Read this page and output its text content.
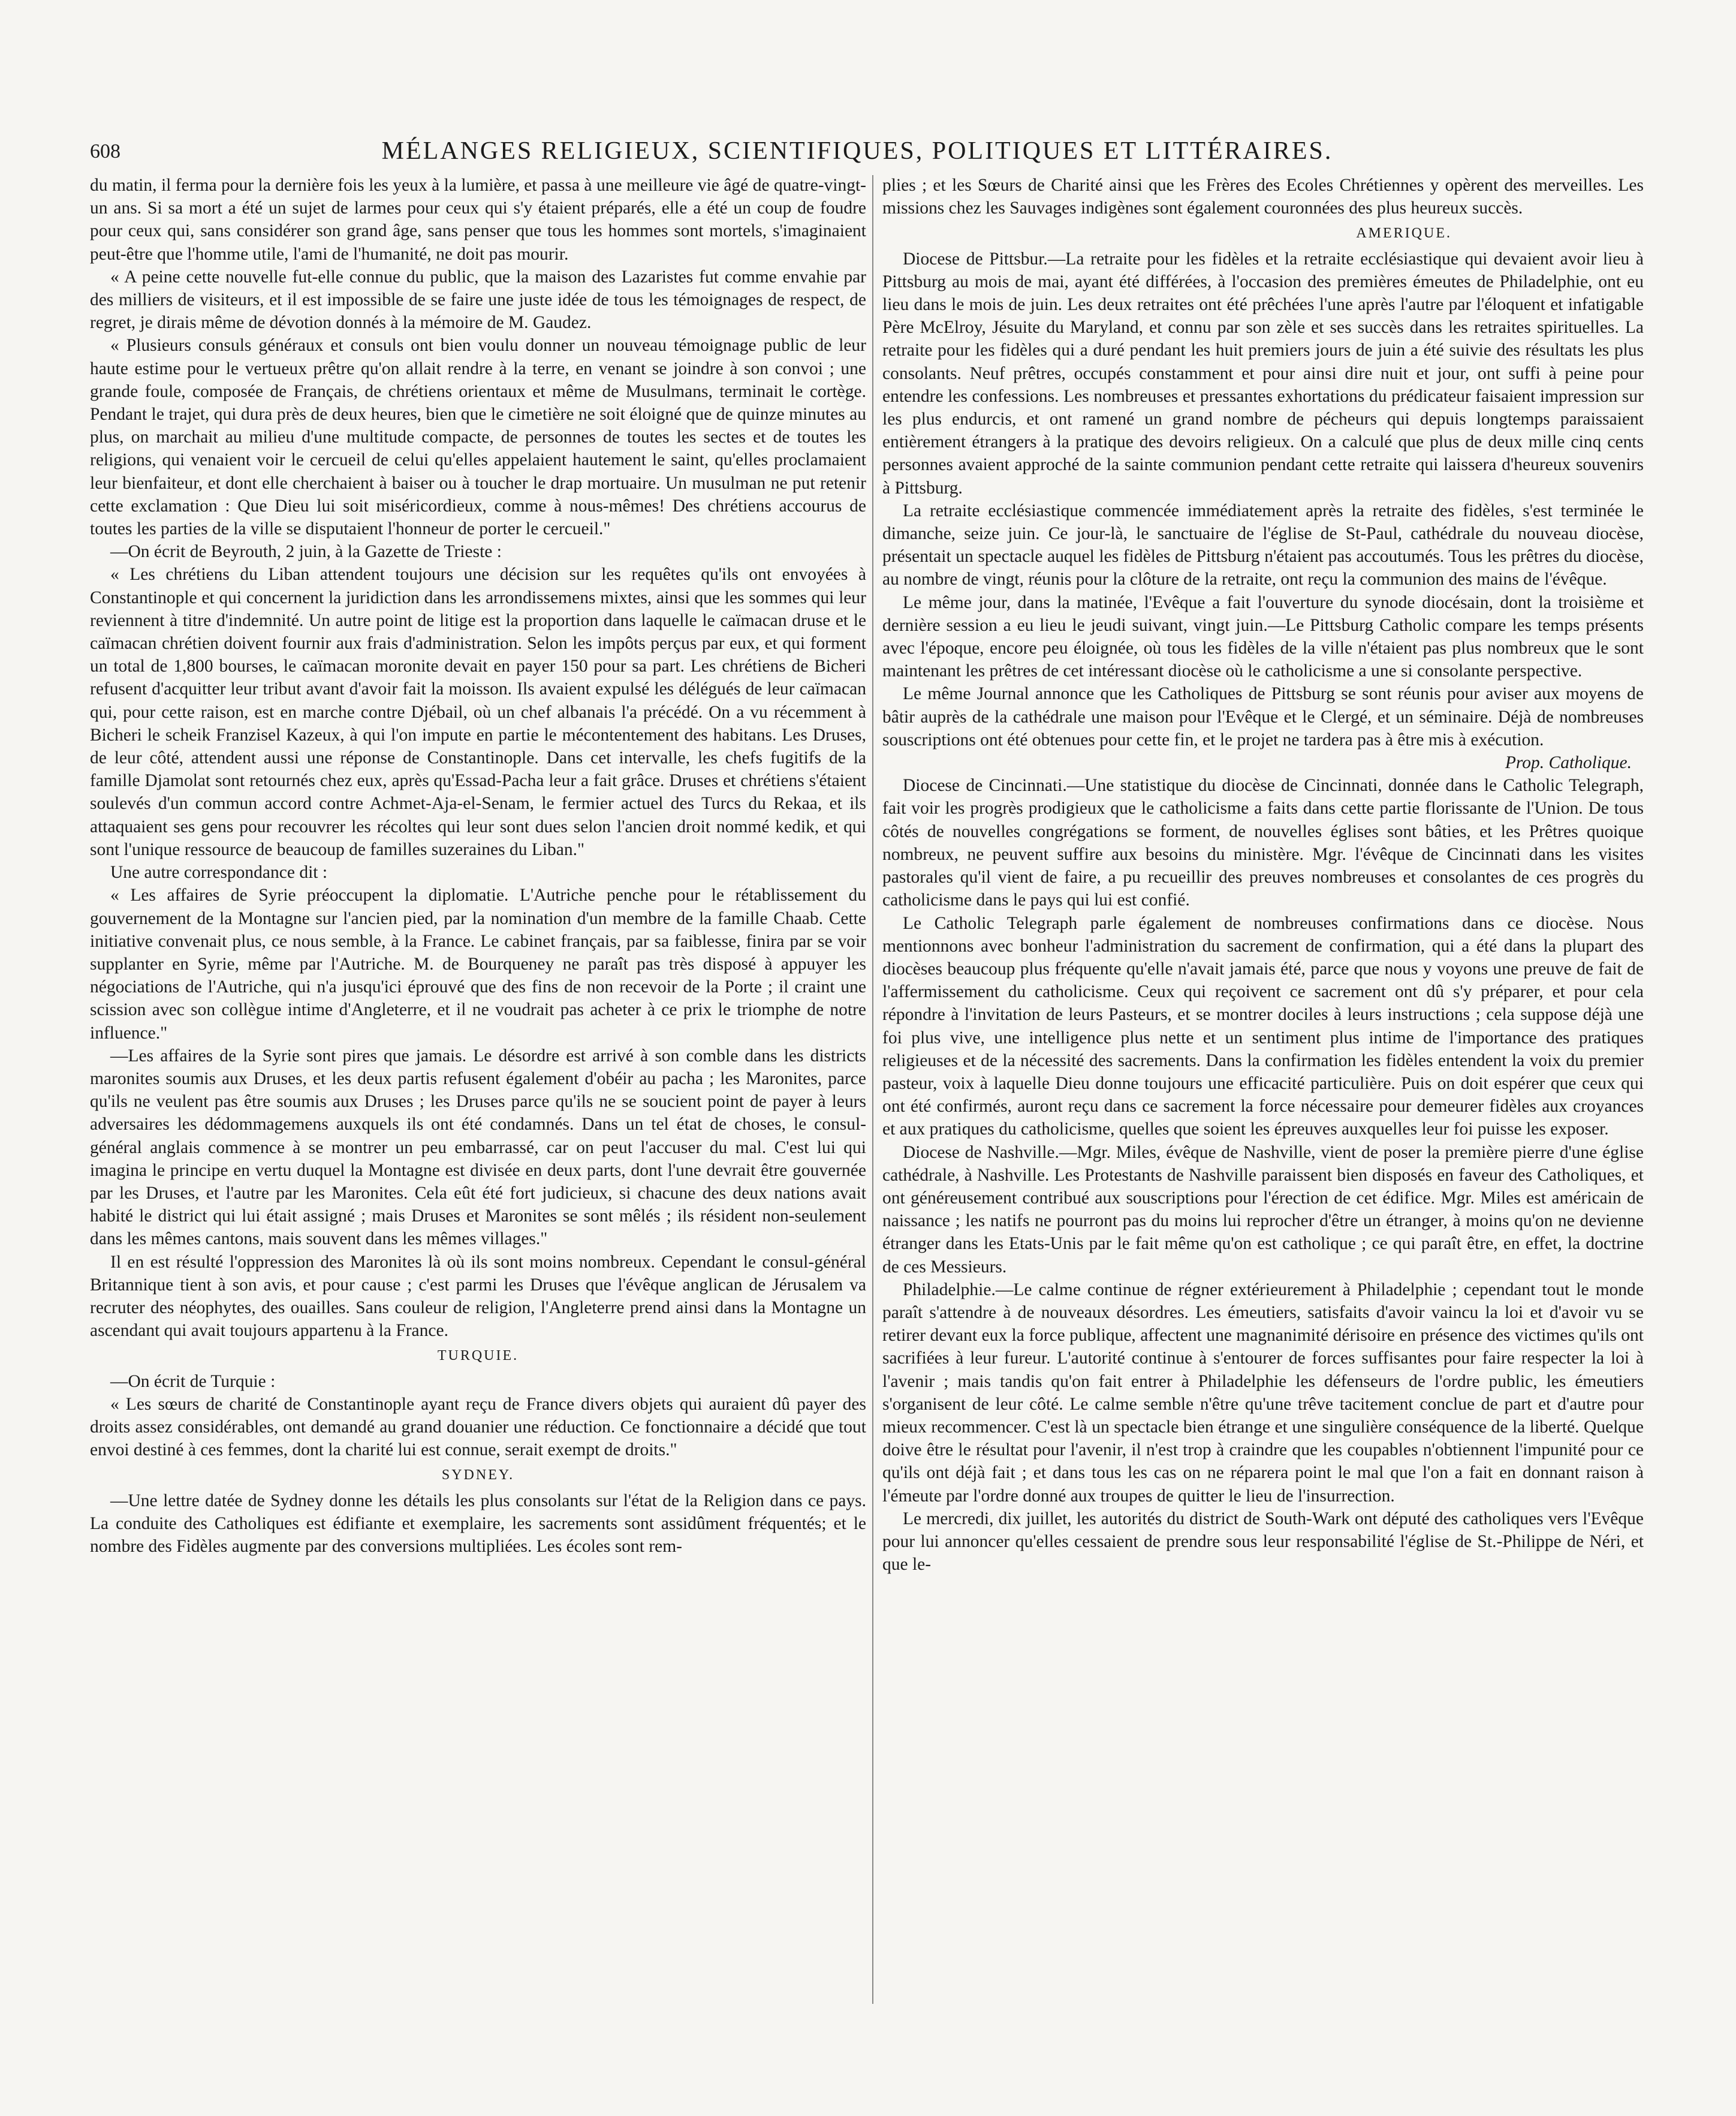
608	MÉLANGES RELIGIEUX, SCIENTIFIQUES, POLITIQUES ET LITTÉRAIRES.

du matin, il ferma pour la dernière fois les yeux à la lumière, et passa à une meilleure vie âgé de quatre-vingt-un ans. Si sa mort a été un sujet de larmes pour ceux qui s'y étaient préparés, elle a été un coup de foudre pour ceux qui, sans considérer son grand âge, sans penser que tous les hommes sont mortels, s'imaginaient peut-être que l'homme utile, l'ami de l'humanité, ne doit pas mourir.

« A peine cette nouvelle fut-elle connue du public, que la maison des Lazaristes fut comme envahie par des milliers de visiteurs, et il est impossible de se faire une juste idée de tous les témoignages de respect, de regret, je dirais même de dévotion donnés à la mémoire de M. Gaudez.

« Plusieurs consuls généraux et consuls ont bien voulu donner un nouveau témoignage public de leur haute estime pour le vertueux prêtre qu'on allait rendre à la terre, en venant se joindre à son convoi ; une grande foule, composée de Français, de chrétiens orientaux et même de Musulmans, terminait le cortège. Pendant le trajet, qui dura près de deux heures, bien que le cimetière ne soit éloigné que de quinze minutes au plus, on marchait au milieu d'une multitude compacte, de personnes de toutes les sectes et de toutes les religions, qui venaient voir le cercueil de celui qu'elles appelaient hautement le saint, qu'elles proclamaient leur bienfaiteur, et dont elle cherchaient à baiser ou à toucher le drap mortuaire. Un musulman ne put retenir cette exclamation : Que Dieu lui soit miséricordieux, comme à nous-mêmes! Des chrétiens accourus de toutes les parties de la ville se disputaient l'honneur de porter le cercueil."

—On écrit de Beyrouth, 2 juin, à la Gazette de Trieste :

« Les chrétiens du Liban attendent toujours une décision sur les requêtes qu'ils ont envoyées à Constantinople et qui concernent la juridiction dans les arrondissemens mixtes, ainsi que les sommes qui leur reviennent à titre d'indemnité. Un autre point de litige est la proportion dans laquelle le caïmacan druse et le caïmacan chrétien doivent fournir aux frais d'administration. Selon les impôts perçus par eux, et qui forment un total de 1,800 bourses, le caïmacan moronite devait en payer 150 pour sa part. Les chrétiens de Bicheri refusent d'acquitter leur tribut avant d'avoir fait la moisson. Ils avaient expulsé les délégués de leur caïmacan qui, pour cette raison, est en marche contre Djébail, où un chef albanais l'a précédé. On a vu récemment à Bicheri le scheik Franzisel Kazeux, à qui l'on impute en partie le mécontentement des habitans. Les Druses, de leur côté, attendent aussi une réponse de Constantinople. Dans cet intervalle, les chefs fugitifs de la famille Djamolat sont retournés chez eux, après qu'Essad-Pacha leur a fait grâce. Druses et chrétiens s'étaient soulevés d'un commun accord contre Achmet-Aja-el-Senam, le fermier actuel des Turcs du Rekaa, et ils attaquaient ses gens pour recouvrer les récoltes qui leur sont dues selon l'ancien droit nommé kedik, et qui sont l'unique ressource de beaucoup de familles suzeraines du Liban."

Une autre correspondance dit :

« Les affaires de Syrie préoccupent la diplomatie. L'Autriche penche pour le rétablissement du gouvernement de la Montagne sur l'ancien pied, par la nomination d'un membre de la famille Chaab. Cette initiative convenait plus, ce nous semble, à la France. Le cabinet français, par sa faiblesse, finira par se voir supplanter en Syrie, même par l'Autriche. M. de Bourqueney ne paraît pas très disposé à appuyer les négociations de l'Autriche, qui n'a jusqu'ici éprouvé que des fins de non recevoir de la Porte ; il craint une scission avec son collègue intime d'Angleterre, et il ne voudrait pas acheter à ce prix le triomphe de notre influence."

—Les affaires de la Syrie sont pires que jamais. Le désordre est arrivé à son comble dans les districts maronites soumis aux Druses, et les deux partis refusent également d'obéir au pacha ; les Maronites, parce qu'ils ne veulent pas être soumis aux Druses ; les Druses parce qu'ils ne se soucient point de payer à leurs adversaires les dédommagemens auxquels ils ont été condamnés. Dans un tel état de choses, le consul-général anglais commence à se montrer un peu embarrassé, car on peut l'accuser du mal. C'est lui qui imagina le principe en vertu duquel la Montagne est divisée en deux parts, dont l'une devrait être gouvernée par les Druses, et l'autre par les Maronites. Cela eût été fort judicieux, si chacune des deux nations avait habité le district qui lui était assigné ; mais Druses et Maronites se sont mêlés ; ils résident non-seulement dans les mêmes cantons, mais souvent dans les mêmes villages."

Il en est résulté l'oppression des Maronites là où ils sont moins nombreux. Cependant le consul-général Britannique tient à son avis, et pour cause ; c'est parmi les Druses que l'évêque anglican de Jérusalem va recruter des néophytes, des ouailles. Sans couleur de religion, l'Angleterre prend ainsi dans la Montagne un ascendant qui avait toujours appartenu à la France.

TURQUIE.

—On écrit de Turquie :

« Les sœurs de charité de Constantinople ayant reçu de France divers objets qui auraient dû payer des droits assez considérables, ont demandé au grand douanier une réduction. Ce fonctionnaire a décidé que tout envoi destiné à ces femmes, dont la charité lui est connue, serait exempt de droits."

SYDNEY.

—Une lettre datée de Sydney donne les détails les plus consolants sur l'état de la Religion dans ce pays. La conduite des Catholiques est édifiante et exemplaire, les sacrements sont assidûment fréquentés; et le nombre des Fidèles augmente par des conversions multipliées. Les écoles sont rem-

plies ; et les Sœurs de Charité ainsi que les Frères des Ecoles Chrétiennes y opèrent des merveilles. Les missions chez les Sauvages indigènes sont également couronnées des plus heureux succès.

AMERIQUE.

Diocese de Pittsbur.—La retraite pour les fidèles et la retraite ecclésiastique qui devaient avoir lieu à Pittsburg au mois de mai, ayant été différées, à l'occasion des premières émeutes de Philadelphie, ont eu lieu dans le mois de juin. Les deux retraites ont été prêchées l'une après l'autre par l'éloquent et infatigable Père McElroy, Jésuite du Maryland, et connu par son zèle et ses succès dans les retraites spirituelles. La retraite pour les fidèles qui a duré pendant les huit premiers jours de juin a été suivie des résultats les plus consolants. Neuf prêtres, occupés constamment et pour ainsi dire nuit et jour, ont suffi à peine pour entendre les confessions. Les nombreuses et pressantes exhortations du prédicateur faisaient impression sur les plus endurcis, et ont ramené un grand nombre de pécheurs qui depuis longtemps paraissaient entièrement étrangers à la pratique des devoirs religieux. On a calculé que plus de deux mille cinq cents personnes avaient approché de la sainte communion pendant cette retraite qui laissera d'heureux souvenirs à Pittsburg.

La retraite ecclésiastique commencée immédiatement après la retraite des fidèles, s'est terminée le dimanche, seize juin. Ce jour-là, le sanctuaire de l'église de St-Paul, cathédrale du nouveau diocèse, présentait un spectacle auquel les fidèles de Pittsburg n'étaient pas accoutumés. Tous les prêtres du diocèse, au nombre de vingt, réunis pour la clôture de la retraite, ont reçu la communion des mains de l'évêque.

Le même jour, dans la matinée, l'Evêque a fait l'ouverture du synode diocésain, dont la troisième et dernière session a eu lieu le jeudi suivant, vingt juin.—Le Pittsburg Catholic compare les temps présents avec l'époque, encore peu éloignée, où tous les fidèles de la ville n'étaient pas plus nombreux que le sont maintenant les prêtres de cet intéressant diocèse où le catholicisme a une si consolante perspective.

Le même Journal annonce que les Catholiques de Pittsburg se sont réunis pour aviser aux moyens de bâtir auprès de la cathédrale une maison pour l'Evêque et le Clergé, et un séminaire. Déjà de nombreuses souscriptions ont été obtenues pour cette fin, et le projet ne tardera pas à être mis à exécution.

Prop. Catholique.

Diocese de Cincinnati.—Une statistique du diocèse de Cincinnati, donnée dans le Catholic Telegraph, fait voir les progrès prodigieux que le catholicisme a faits dans cette partie florissante de l'Union. De tous côtés de nouvelles congrégations se forment, de nouvelles églises sont bâties, et les Prêtres quoique nombreux, ne peuvent suffire aux besoins du ministère. Mgr. l'évêque de Cincinnati dans les visites pastorales qu'il vient de faire, a pu recueillir des preuves nombreuses et consolantes de ces progrès du catholicisme dans le pays qui lui est confié.

Le Catholic Telegraph parle également de nombreuses confirmations dans ce diocèse. Nous mentionnons avec bonheur l'administration du sacrement de confirmation, qui a été dans la plupart des diocèses beaucoup plus fréquente qu'elle n'avait jamais été, parce que nous y voyons une preuve de fait de l'affermissement du catholicisme. Ceux qui reçoivent ce sacrement ont dû s'y préparer, et pour cela répondre à l'invitation de leurs Pasteurs, et se montrer dociles à leurs instructions ; cela suppose déjà une foi plus vive, une intelligence plus nette et un sentiment plus intime de l'importance des pratiques religieuses et de la nécessité des sacrements. Dans la confirmation les fidèles entendent la voix du premier pasteur, voix à laquelle Dieu donne toujours une efficacité particulière. Puis on doit espérer que ceux qui ont été confirmés, auront reçu dans ce sacrement la force nécessaire pour demeurer fidèles aux croyances et aux pratiques du catholicisme, quelles que soient les épreuves auxquelles leur foi puisse les exposer.

Diocese de Nashville.—Mgr. Miles, évêque de Nashville, vient de poser la première pierre d'une église cathédrale, à Nashville. Les Protestants de Nashville paraissent bien disposés en faveur des Catholiques, et ont généreusement contribué aux souscriptions pour l'érection de cet édifice. Mgr. Miles est américain de naissance ; les natifs ne pourront pas du moins lui reprocher d'être un étranger, à moins qu'on ne devienne étranger dans les Etats-Unis par le fait même qu'on est catholique ; ce qui paraît être, en effet, la doctrine de ces Messieurs.

Philadelphie.—Le calme continue de régner extérieurement à Philadelphie ; cependant tout le monde paraît s'attendre à de nouveaux désordres. Les émeutiers, satisfaits d'avoir vaincu la loi et d'avoir vu se retirer devant eux la force publique, affectent une magnanimité dérisoire en présence des victimes qu'ils ont sacrifiées à leur fureur. L'autorité continue à s'entourer de forces suffisantes pour faire respecter la loi à l'avenir ; mais tandis qu'on fait entrer à Philadelphie les défenseurs de l'ordre public, les émeutiers s'organisent de leur côté. Le calme semble n'être qu'une trêve tacitement conclue de part et d'autre pour mieux recommencer. C'est là un spectacle bien étrange et une singulière conséquence de la liberté. Quelque doive être le résultat pour l'avenir, il n'est trop à craindre que les coupables n'obtiennent l'impunité pour ce qu'ils ont déjà fait ; et dans tous les cas on ne réparera point le mal que l'on a fait en donnant raison à l'émeute par l'ordre donné aux troupes de quitter le lieu de l'insurrection.

Le mercredi, dix juillet, les autorités du district de South-Wark ont député des catholiques vers l'Evêque pour lui annoncer qu'elles cessaient de prendre sous leur responsabilité l'église de St.-Philippe de Néri, et que le-
